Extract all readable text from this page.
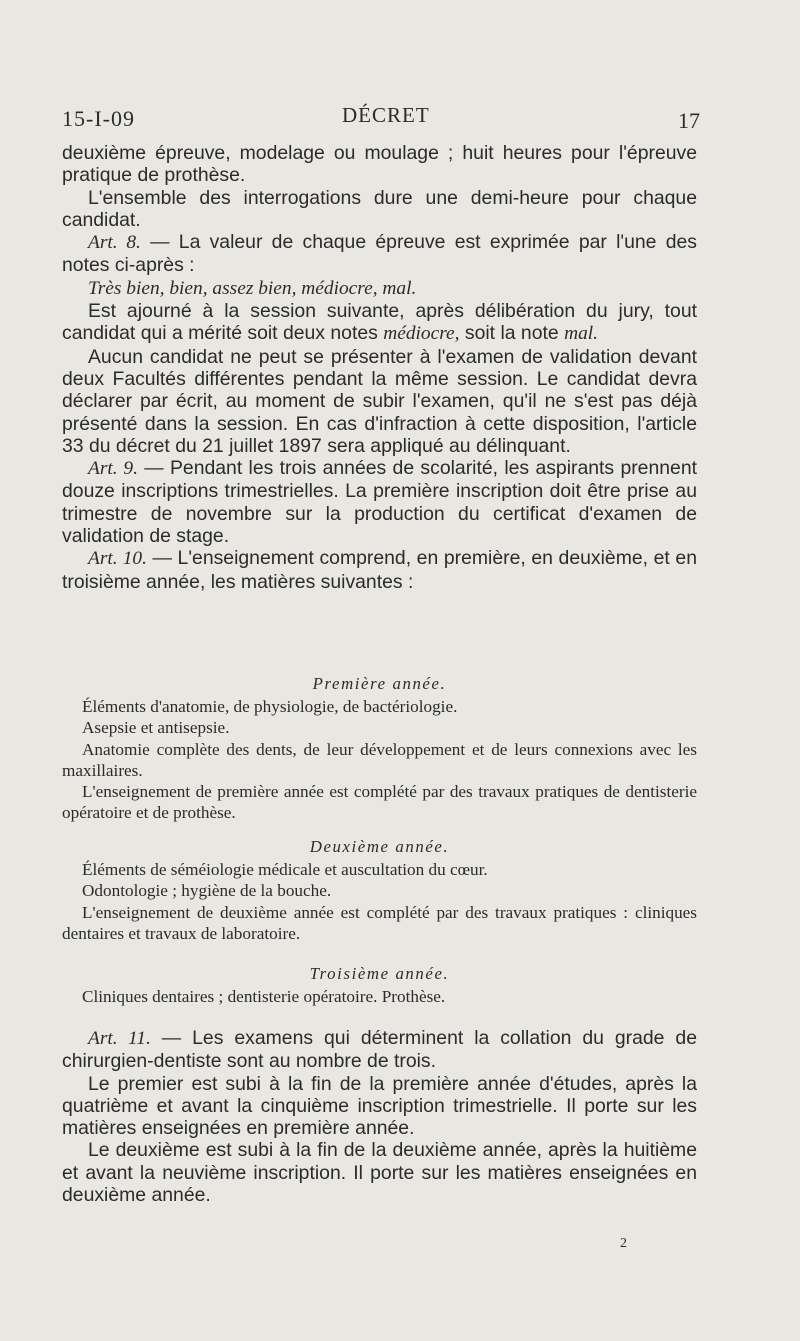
15-I-09	DÉCRET	17

deuxième épreuve, modelage ou moulage ; huit heures pour l'épreuve pratique de prothèse.

L'ensemble des interrogations dure une demi-heure pour chaque candidat.

Art. 8. — La valeur de chaque épreuve est exprimée par l'une des notes ci-après :

Très bien, bien, assez bien, médiocre, mal.

Est ajourné à la session suivante, après délibération du jury, tout candidat qui a mérité soit deux notes médiocre, soit la note mal.

Aucun candidat ne peut se présenter à l'examen de validation devant deux Facultés différentes pendant la même session. Le candidat devra déclarer par écrit, au moment de subir l'examen, qu'il ne s'est pas déjà présenté dans la session. En cas d'infraction à cette disposition, l'article 33 du décret du 21 juillet 1897 sera appliqué au délinquant.

Art. 9. — Pendant les trois années de scolarité, les aspirants prennent douze inscriptions trimestrielles. La première inscription doit être prise au trimestre de novembre sur la production du certificat d'examen de validation de stage.

Art. 10. — L'enseignement comprend, en première, en deuxième, et en troisième année, les matières suivantes :

Première année.

Éléments d'anatomie, de physiologie, de bactériologie.

Asepsie et antisepsie.

Anatomie complète des dents, de leur développement et de leurs connexions avec les maxillaires.

L'enseignement de première année est complété par des travaux pratiques de dentisterie opératoire et de prothèse.

Deuxième année.

Éléments de séméiologie médicale et auscultation du cœur.

Odontologie ; hygiène de la bouche.

L'enseignement de deuxième année est complété par des travaux pratiques : cliniques dentaires et travaux de laboratoire.

Troisième année.

Cliniques dentaires ; dentisterie opératoire. Prothèse.

Art. 11. — Les examens qui déterminent la collation du grade de chirurgien-dentiste sont au nombre de trois.

Le premier est subi à la fin de la première année d'études, après la quatrième et avant la cinquième inscription trimestrielle. Il porte sur les matières enseignées en première année.

Le deuxième est subi à la fin de la deuxième année, après la huitième et avant la neuvième inscription. Il porte sur les matières enseignées en deuxième année.

2
